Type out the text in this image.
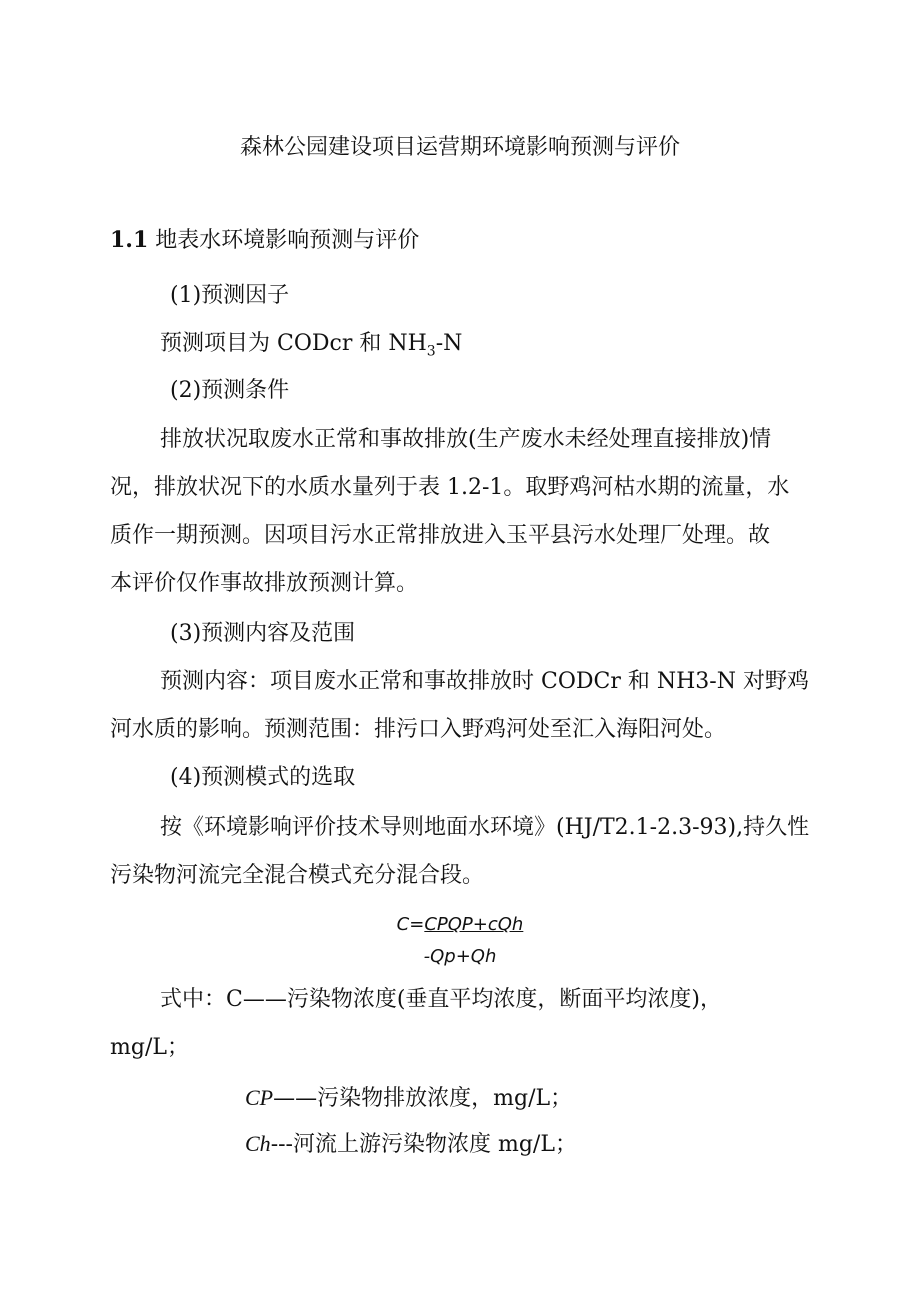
森林公园建设项目运营期环境影响预测与评价
1.1 地表水环境影响预测与评价
(1)预测因子
预测项目为 CODcr 和 $NH_3-N$
(2)预测条件
排放状况取废水正常和事故排放(生产废水未经处理直接排放)情
况，排放状况下的水质水量列于表 1.2-1。取野鸡河枯水期的流量，水
质作一期预测。因项目污水正常排放进入玉平县污水处理厂处理。故
本评价仅作事故排放预测计算。
(3)预测内容及范围
预测内容：项目废水正常和事故排放时 CODCr 和 NH3-N 对野鸡
河水质的影响。预测范围：排污口入野鸡河处至汇入海阳河处。
(4)预测模式的选取
按《环境影响评价技术导则地面水环境》(HJ/T2.1-2.3-93),持久性
污染物河流完全混合模式充分混合段。
C=CPQP+cQh
-Qp+Qh
式中：C——污染物浓度(垂直平均浓度，断面平均浓度)，
mg/L；
CP——污染物排放浓度，mg/L；
Ch---河流上游污染物浓度 mg/L；
